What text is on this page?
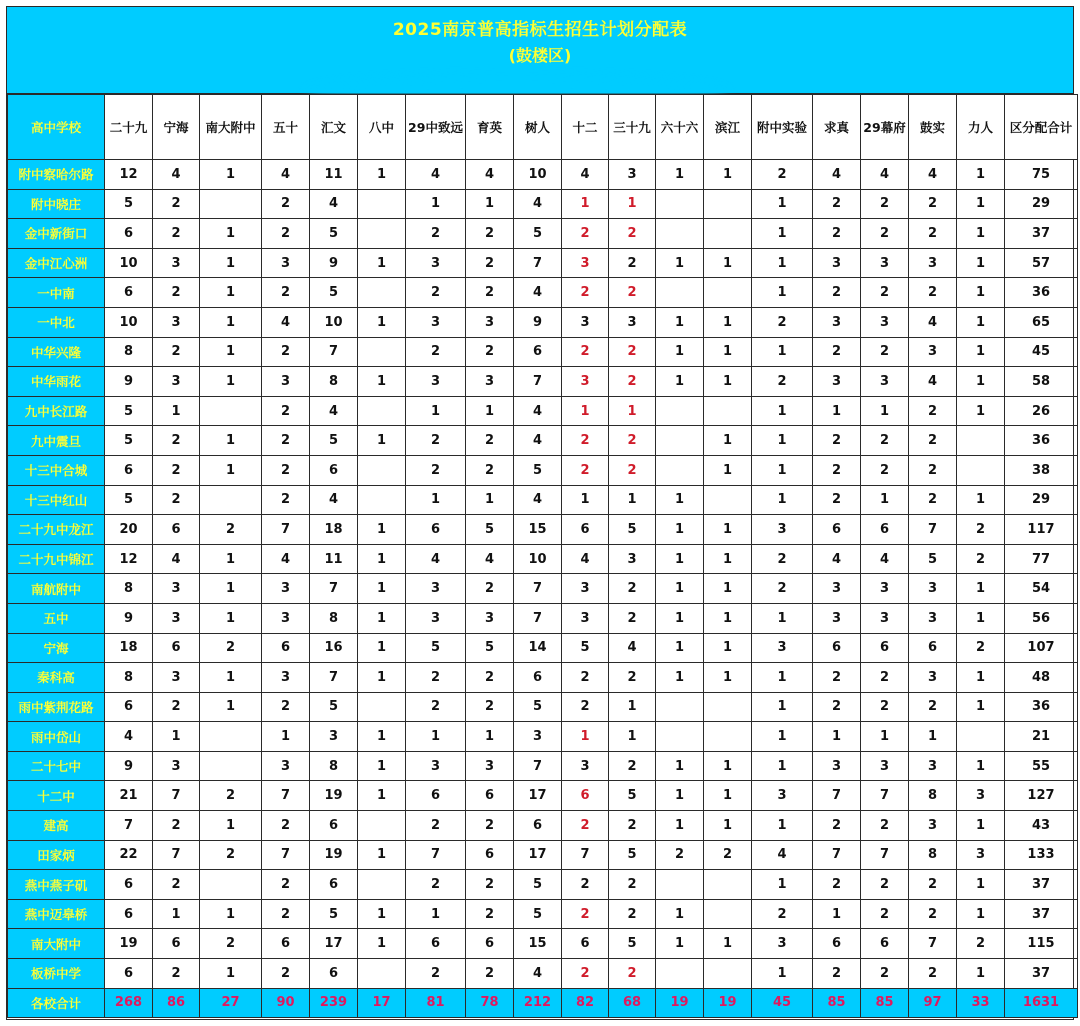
2025南京普高指标生招生计划分配表
(鼓楼区)
高中学校	二十九	宁海	南大附中	五十	汇文	八中	29中致远	育英	树人	十二	三十九	六十六	滨江	附中实验	求真	29幕府	鼓实	力人	区分配合计
附中察哈尔路	12	4	1	4	11	1	4	4	10	4	3	1	1	2	4	4	4	1	75
附中晓庄	5	2		2	4		1	1	4	1	1			1	2	2	2	1	29
金中新街口	6	2	1	2	5		2	2	5	2	2			1	2	2	2	1	37
金中江心洲	10	3	1	3	9	1	3	2	7	3	2	1	1	1	3	3	3	1	57
一中南	6	2	1	2	5		2	2	4	2	2			1	2	2	2	1	36
一中北	10	3	1	4	10	1	3	3	9	3	3	1	1	2	3	3	4	1	65
中华兴隆	8	2	1	2	7		2	2	6	2	2	1	1	1	2	2	3	1	45
中华雨花	9	3	1	3	8	1	3	3	7	3	2	1	1	2	3	3	4	1	58
九中长江路	5	1		2	4		1	1	4	1	1			1	1	1	2	1	26
九中震旦	5	2	1	2	5	1	2	2	4	2	2		1	1	2	2	2		36
十三中合城	6	2	1	2	6		2	2	5	2	2		1	1	2	2	2		38
十三中红山	5	2		2	4		1	1	4	1	1	1		1	2	1	2	1	29
二十九中龙江	20	6	2	7	18	1	6	5	15	6	5	1	1	3	6	6	7	2	117
二十九中锦江	12	4	1	4	11	1	4	4	10	4	3	1	1	2	4	4	5	2	77
南航附中	8	3	1	3	7	1	3	2	7	3	2	1	1	2	3	3	3	1	54
五中	9	3	1	3	8	1	3	3	7	3	2	1	1	1	3	3	3	1	56
宁海	18	6	2	6	16	1	5	5	14	5	4	1	1	3	6	6	6	2	107
秦科高	8	3	1	3	7	1	2	2	6	2	2	1	1	1	2	2	3	1	48
雨中紫荆花路	6	2	1	2	5		2	2	5	2	1			1	2	2	2	1	36
雨中岱山	4	1		1	3	1	1	1	3	1	1			1	1	1	1		21
二十七中	9	3		3	8	1	3	3	7	3	2	1	1	1	3	3	3	1	55
十二中	21	7	2	7	19	1	6	6	17	6	5	1	1	3	7	7	8	3	127
建高	7	2	1	2	6		2	2	6	2	2	1	1	1	2	2	3	1	43
田家炳	22	7	2	7	19	1	7	6	17	7	5	2	2	4	7	7	8	3	133
燕中燕子矶	6	2		2	6		2	2	5	2	2			1	2	2	2	1	37
燕中迈皋桥	6	1	1	2	5	1	1	2	5	2	2	1		2	1	2	2	1	37
南大附中	19	6	2	6	17	1	6	6	15	6	5	1	1	3	6	6	7	2	115
板桥中学	6	2	1	2	6		2	2	4	2	2			1	2	2	2	1	37
各校合计	268	86	27	90	239	17	81	78	212	82	68	19	19	45	85	85	97	33	1631
